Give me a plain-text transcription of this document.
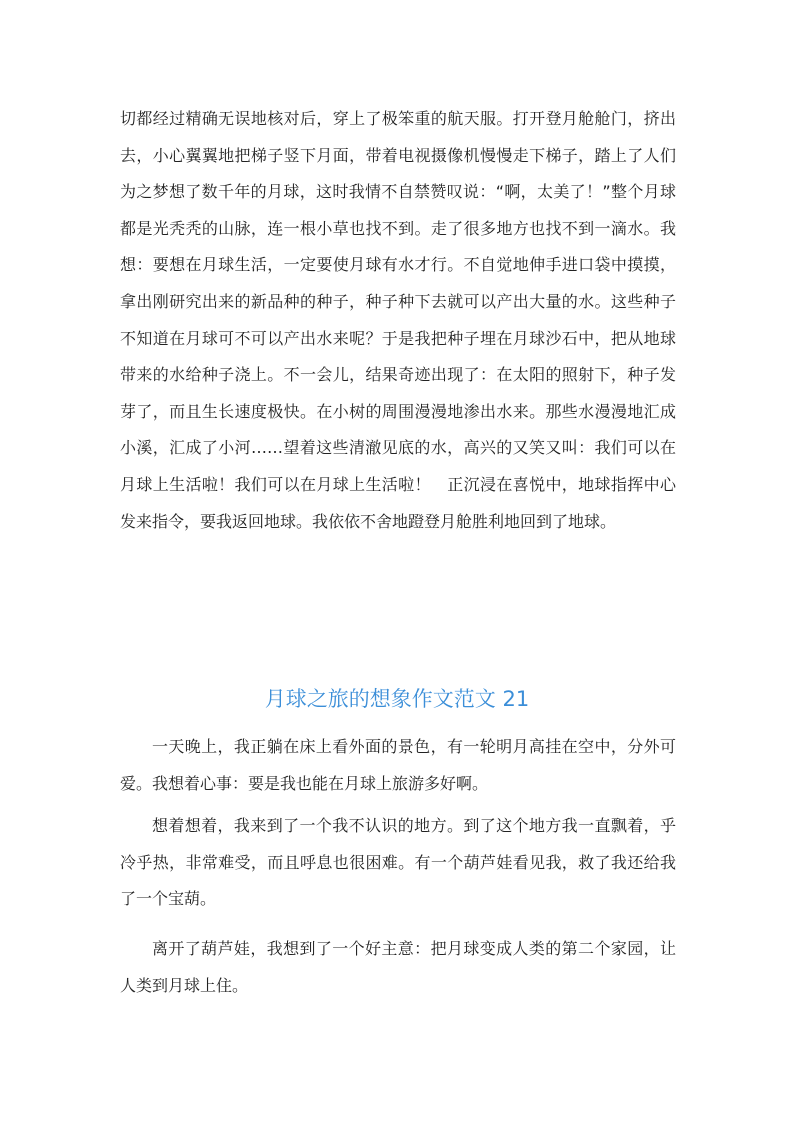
切都经过精确无误地核对后，穿上了极笨重的航天服。打开登月舱舱门，挤出去，小心翼翼地把梯子竖下月面，带着电视摄像机慢慢走下梯子，踏上了人们为之梦想了数千年的月球，这时我情不自禁赞叹说：“啊，太美了！”整个月球都是光秃秃的山脉，连一根小草也找不到。走了很多地方也找不到一滴水。我想：要想在月球生活，一定要使月球有水才行。不自觉地伸手进口袋中摸摸，拿出刚研究出来的新品种的种子，种子种下去就可以产出大量的水。这些种子不知道在月球可不可以产出水来呢？于是我把种子埋在月球沙石中，把从地球带来的水给种子浇上。不一会儿，结果奇迹出现了：在太阳的照射下，种子发芽了，而且生长速度极快。在小树的周围漫漫地渗出水来。那些水漫漫地汇成小溪，汇成了小河……望着这些清澈见底的水，高兴的又笑又叫：我们可以在月球上生活啦！我们可以在月球上生活啦！　正沉浸在喜悦中，地球指挥中心发来指令，要我返回地球。我依依不舍地蹬登月舱胜利地回到了地球。

月球之旅的想象作文范文 21

一天晚上，我正躺在床上看外面的景色，有一轮明月高挂在空中，分外可爱。我想着心事：要是我也能在月球上旅游多好啊。

想着想着，我来到了一个我不认识的地方。到了这个地方我一直飘着，乎冷乎热，非常难受，而且呼息也很困难。有一个葫芦娃看见我，救了我还给我了一个宝葫。

离开了葫芦娃，我想到了一个好主意：把月球变成人类的第二个家园，让人类到月球上住。
